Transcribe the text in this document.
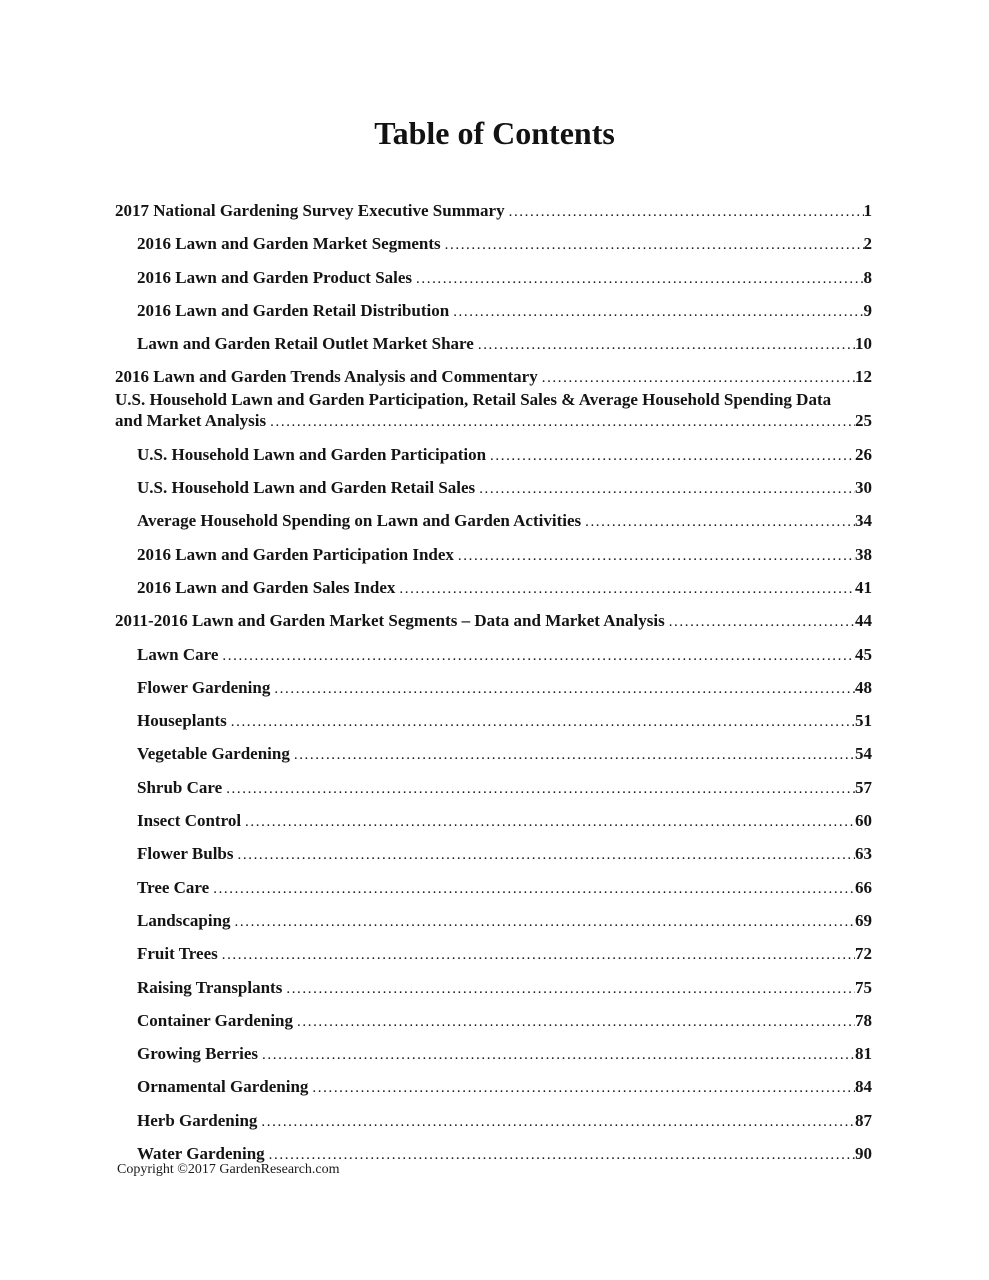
Table of Contents
2017 National Gardening Survey Executive Summary .....	1
2016 Lawn and Garden Market Segments .....	2
2016 Lawn and Garden Product Sales .....	8
2016 Lawn and Garden Retail Distribution .....	9
Lawn and Garden Retail Outlet Market Share .....	10
2016 Lawn and Garden Trends Analysis and Commentary .....	12
U.S. Household Lawn and Garden Participation, Retail Sales & Average Household Spending Data
and Market Analysis .....	25
U.S. Household Lawn and Garden Participation .....	26
U.S. Household Lawn and Garden Retail Sales .....	30
Average Household Spending on Lawn and Garden Activities .....	34
2016 Lawn and Garden Participation Index .....	38
2016 Lawn and Garden Sales Index .....	41
2011-2016 Lawn and Garden Market Segments – Data and Market Analysis .....	44
Lawn Care .....	45
Flower Gardening .....	48
Houseplants .....	51
Vegetable Gardening .....	54
Shrub Care .....	57
Insect Control .....	60
Flower Bulbs .....	63
Tree Care .....	66
Landscaping .....	69
Fruit Trees .....	72
Raising Transplants .....	75
Container Gardening .....	78
Growing Berries .....	81
Ornamental Gardening .....	84
Herb Gardening .....	87
Water Gardening .....	90
Copyright ©2017 GardenResearch.com
